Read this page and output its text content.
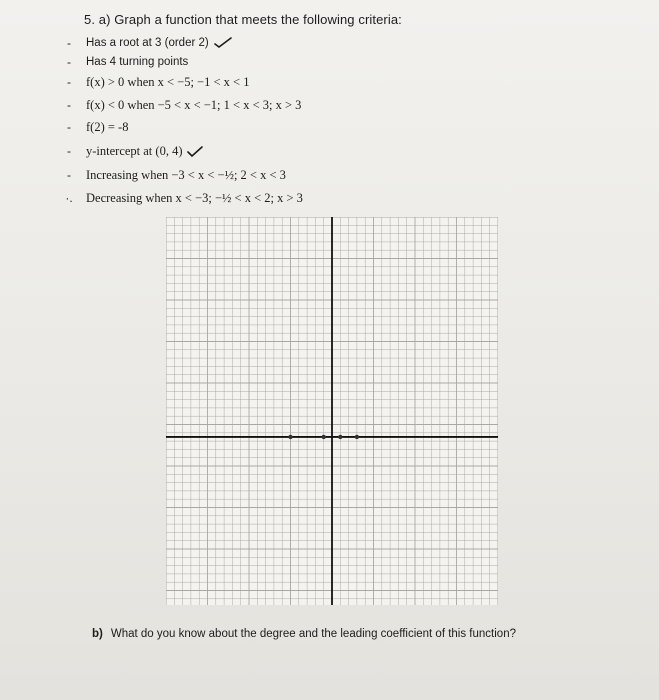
5. a) Graph a function that meets the following criteria:
- Has a root at 3 (order 2)
- Has 4 turning points
- f(x) > 0 when x < −5; −1 < x < 1
- f(x) < 0 when −5 < x < −1; 1 < x < 3; x > 3
- f(2) = -8
- y-intercept at (0, 4)
- Increasing when −3 < x < −½; 2 < x < 3
·. Decreasing when x < −3; −½ < x < 2; x > 3
b) What do you know about the degree and the leading coefficient of this function?
